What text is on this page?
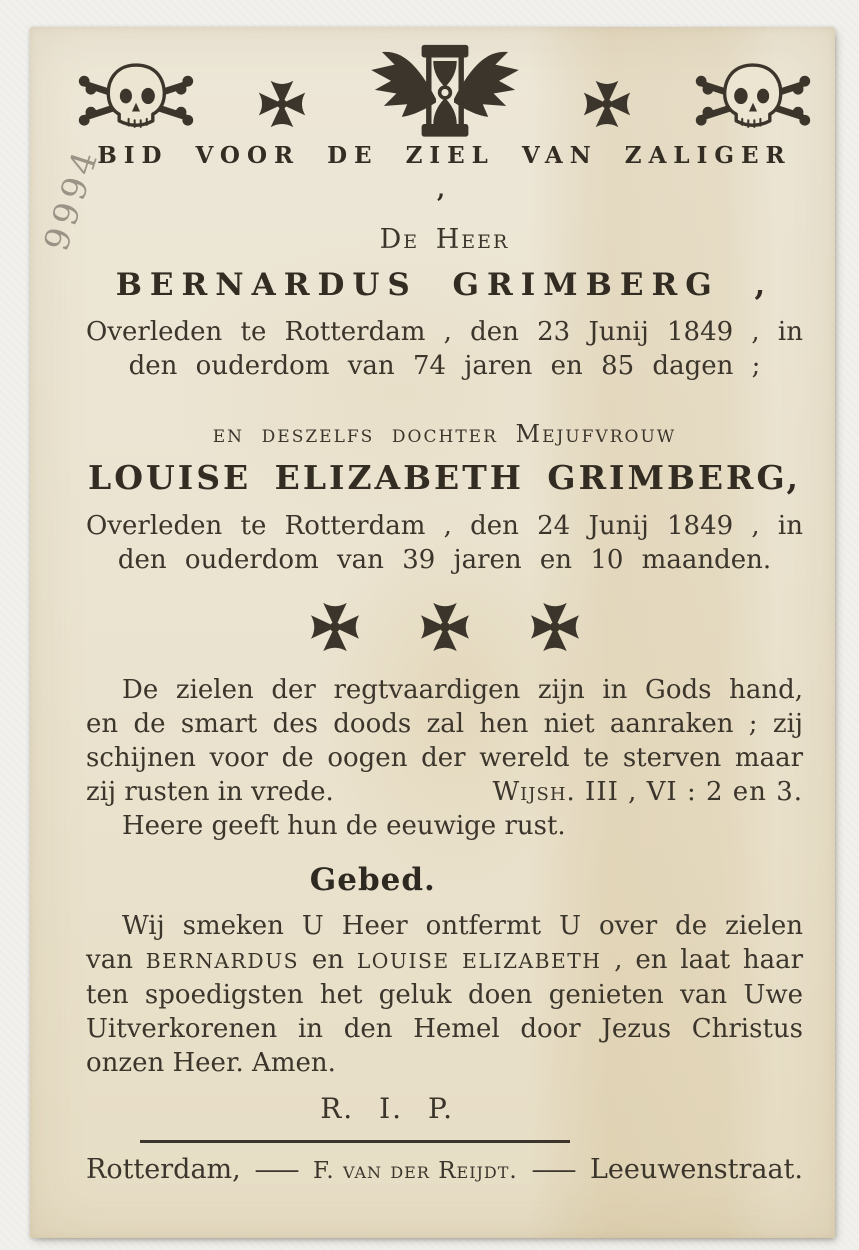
9994
BID VOOR DE ZIEL VAN ZALIGER ,
De Heer
BERNARDUS GRIMBERG ,
Overleden te Rotterdam , den 23 Junij 1849 , in
den ouderdom van 74 jaren en 85 dagen ;
en deszelfs dochter Mejufvrouw
LOUISE ELIZABETH GRIMBERG,
Overleden te Rotterdam , den 24 Junij 1849 , in
den ouderdom van 39 jaren en 10 maanden.
De zielen der regtvaardigen zijn in Gods hand,
en de smart des doods zal hen niet aanraken ; zij
schijnen voor de oogen der wereld te sterven maar
zij rusten in vrede.	Wijsh. III , VI : 2 en 3.
Heere geeft hun de eeuwige rust.
Gebed.
Wij smeken U Heer ontfermt U over de zielen
van BERNARDUS en LOUISE ELIZABETH , en laat haar
ten spoedigsten het geluk doen genieten van Uwe
Uitverkorenen in den Hemel door Jezus Christus
onzen Heer. Amen.
R. I. P.
Rotterdam, — F. van der Reijdt. — Leeuwenstraat.
